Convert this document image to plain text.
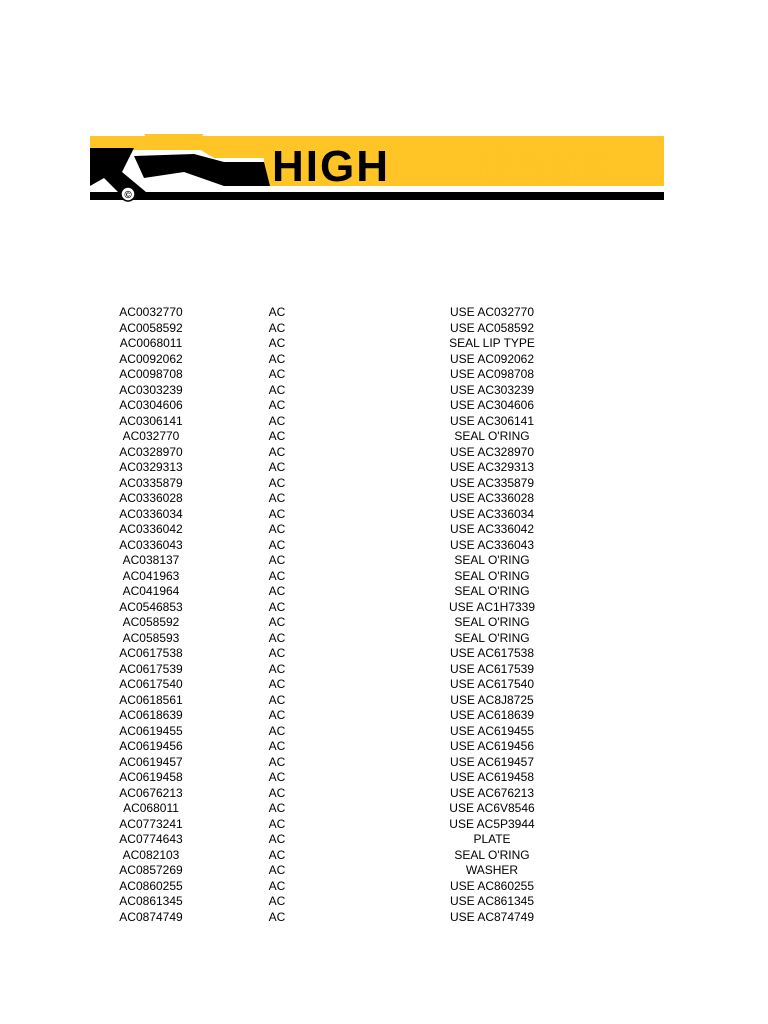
©
HIGH GASK
AC0032770	AC	USE AC032770
AC0058592	AC	USE AC058592
AC0068011	AC	SEAL LIP TYPE
AC0092062	AC	USE AC092062
AC0098708	AC	USE AC098708
AC0303239	AC	USE AC303239
AC0304606	AC	USE AC304606
AC0306141	AC	USE AC306141
AC032770	AC	SEAL O'RING
AC0328970	AC	USE AC328970
AC0329313	AC	USE AC329313
AC0335879	AC	USE AC335879
AC0336028	AC	USE AC336028
AC0336034	AC	USE AC336034
AC0336042	AC	USE AC336042
AC0336043	AC	USE AC336043
AC038137	AC	SEAL O'RING
AC041963	AC	SEAL O'RING
AC041964	AC	SEAL O'RING
AC0546853	AC	USE AC1H7339
AC058592	AC	SEAL O'RING
AC058593	AC	SEAL O'RING
AC0617538	AC	USE AC617538
AC0617539	AC	USE AC617539
AC0617540	AC	USE AC617540
AC0618561	AC	USE AC8J8725
AC0618639	AC	USE AC618639
AC0619455	AC	USE AC619455
AC0619456	AC	USE AC619456
AC0619457	AC	USE AC619457
AC0619458	AC	USE AC619458
AC0676213	AC	USE AC676213
AC068011	AC	USE AC6V8546
AC0773241	AC	USE AC5P3944
AC0774643	AC	PLATE
AC082103	AC	SEAL O'RING
AC0857269	AC	WASHER
AC0860255	AC	USE AC860255
AC0861345	AC	USE AC861345
AC0874749	AC	USE AC874749
